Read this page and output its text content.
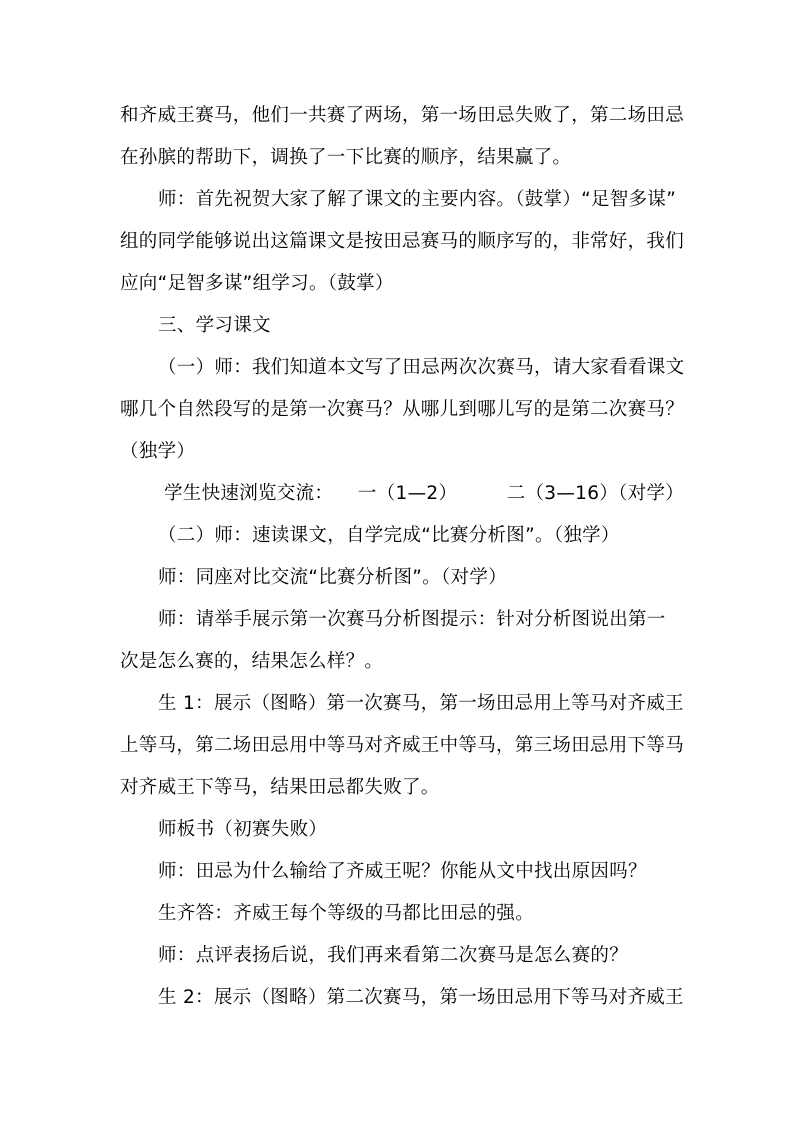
和齐威王赛马，他们一共赛了两场，第一场田忌失败了，第二场田忌
在孙膑的帮助下，调换了一下比赛的顺序，结果赢了。
师：首先祝贺大家了解了课文的主要内容。（鼓掌）“足智多谋”
组的同学能够说出这篇课文是按田忌赛马的顺序写的，非常好，我们
应向“足智多谋”组学习。（鼓掌）
三、学习课文
（一）师：我们知道本文写了田忌两次次赛马，请大家看看课文
哪几个自然段写的是第一次赛马？从哪儿到哪儿写的是第二次赛马？
（独学）
学生快速浏览交流：    一（1—2）        二（3—16）（对学）
（二）师：速读课文，自学完成“比赛分析图”。（独学）
师：同座对比交流“比赛分析图”。（对学）
师：请举手展示第一次赛马分析图提示：针对分析图说出第一
次是怎么赛的，结果怎么样？。
生 1：展示（图略）第一次赛马，第一场田忌用上等马对齐威王
上等马，第二场田忌用中等马对齐威王中等马，第三场田忌用下等马
对齐威王下等马，结果田忌都失败了。
师板书（初赛失败）
师：田忌为什么输给了齐威王呢？你能从文中找出原因吗？
生齐答：齐威王每个等级的马都比田忌的强。
师：点评表扬后说，我们再来看第二次赛马是怎么赛的？
生 2：展示（图略）第二次赛马，第一场田忌用下等马对齐威王
